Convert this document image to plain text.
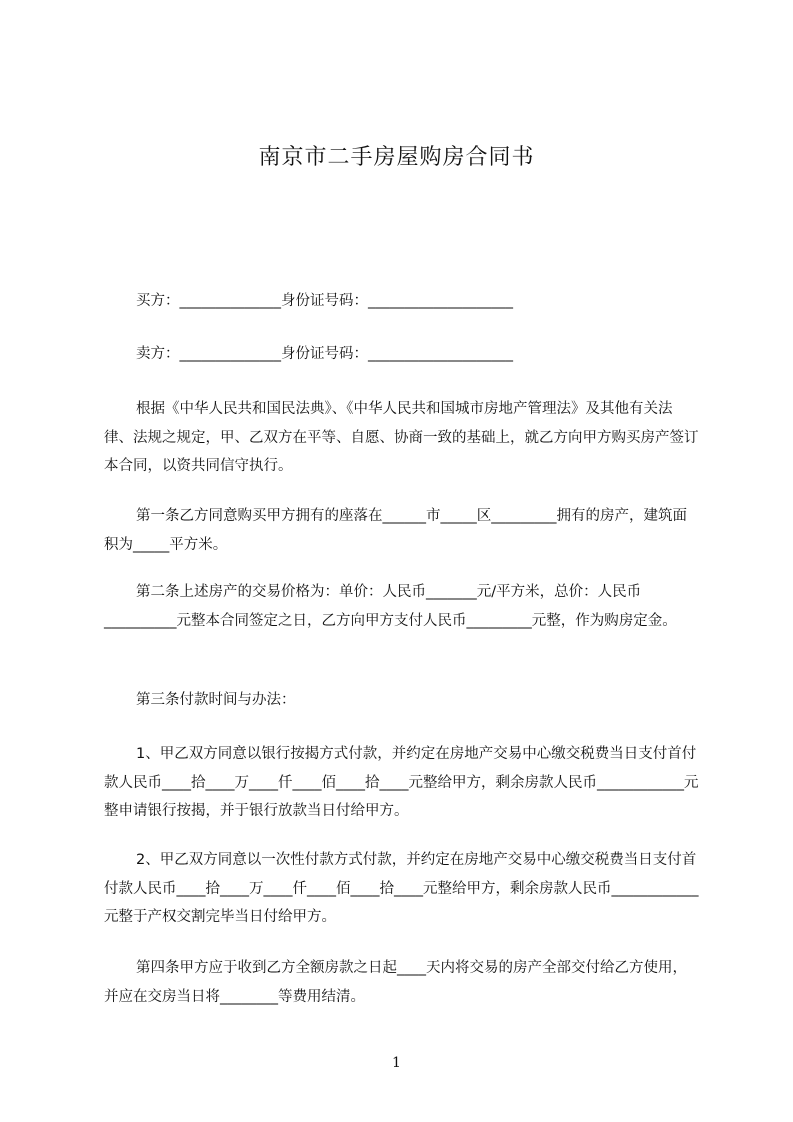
南京市二手房屋购房合同书

买方：______________身份证号码：____________________

卖方：______________身份证号码：____________________

根据《中华人民共和国民法典》、《中华人民共和国城市房地产管理法》及其他有关法律、法规之规定，甲、乙双方在平等、自愿、协商一致的基础上，就乙方向甲方购买房产签订本合同，以资共同信守执行。

第一条乙方同意购买甲方拥有的座落在______市_____区_________拥有的房产，建筑面积为_____平方米。

第二条上述房产的交易价格为：单价：人民币_______元/平方米，总价：人民币__________元整本合同签定之日，乙方向甲方支付人民币_________元整，作为购房定金。

第三条付款时间与办法：

1、甲乙双方同意以银行按揭方式付款，并约定在房地产交易中心缴交税费当日支付首付款人民币____拾____万____仟____佰____拾____元整给甲方，剩余房款人民币____________元整申请银行按揭，并于银行放款当日付给甲方。

2、甲乙双方同意以一次性付款方式付款，并约定在房地产交易中心缴交税费当日支付首付款人民币____拾____万____仟____佰____拾____元整给甲方，剩余房款人民币____________元整于产权交割完毕当日付给甲方。

第四条甲方应于收到乙方全额房款之日起____天内将交易的房产全部交付给乙方使用，并应在交房当日将________等费用结清。

1
